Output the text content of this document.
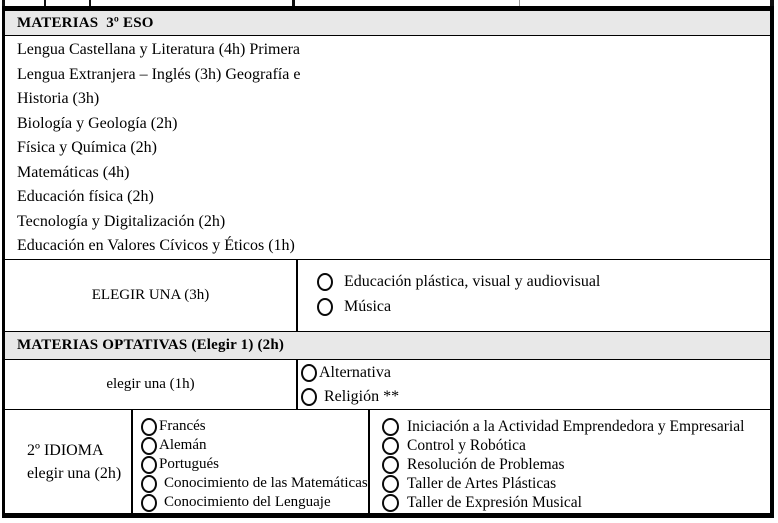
MATERIAS  3º ESO
Lengua Castellana y Literatura (4h) Primera
Lengua Extranjera – Inglés (3h) Geografía e
Historia (3h)
Biología y Geología (2h)
Física y Química (2h)
Matemáticas (4h)
Educación física (2h)
Tecnología y Digitalización (2h)
Educación en Valores Cívicos y Éticos (1h)
ELEGIR UNA (3h)
Educación plástica, visual y audiovisual
Música
MATERIAS OPTATIVAS (Elegir 1) (2h)
elegir una (1h)
Alternativa
Religión **
2º IDIOMA
elegir una (2h)
Francés
Alemán
Portugués
Conocimiento de las Matemáticas
Conocimiento del Lenguaje
Iniciación a la Actividad Emprendedora y Empresarial
Control y Robótica
Resolución de Problemas
Taller de Artes Plásticas
Taller de Expresión Musical
